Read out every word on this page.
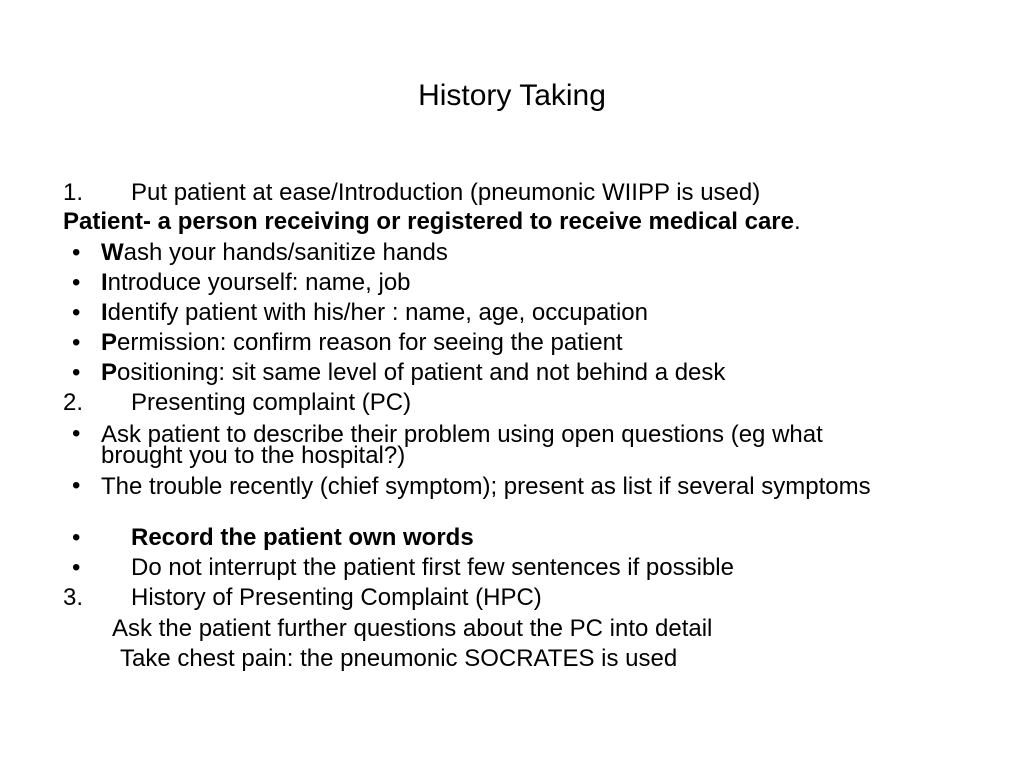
History Taking
1. Put patient at ease/Introduction (pneumonic WIIPP is used)
Patient- a person receiving or registered to receive medical care.
• Wash your hands/sanitize hands
• Introduce yourself: name, job
• Identify patient with his/her : name, age, occupation
• Permission: confirm reason for seeing the patient
• Positioning: sit same level of patient and not behind a desk
2. Presenting complaint (PC)
• Ask patient to describe their problem using open questions (eg what brought you to the hospital?)
• The trouble recently (chief symptom); present as list if several symptoms
• Record the patient own words
• Do not interrupt the patient first few sentences if possible
3. History of Presenting Complaint (HPC)
Ask the patient further questions about the PC into detail
Take chest pain: the pneumonic SOCRATES is used
